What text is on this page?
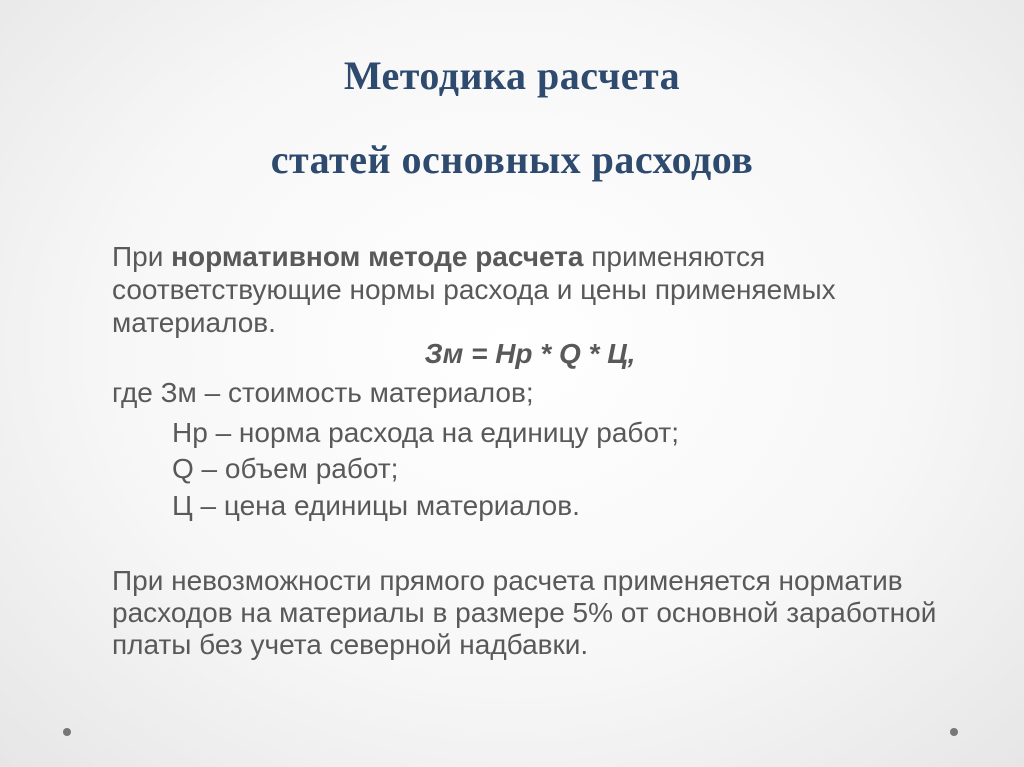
Методика расчета
статей основных расходов
При нормативном методе расчета применяются соответствующие нормы расхода и цены применяемых материалов.
Зм = Нр * Q * Ц,
где Зм – стоимость материалов;
Нр – норма расхода на единицу работ;
Q – объем работ;
Ц – цена единицы материалов.
При невозможности прямого расчета применяется норматив расходов на материалы в размере 5% от основной заработной платы без учета северной надбавки.
